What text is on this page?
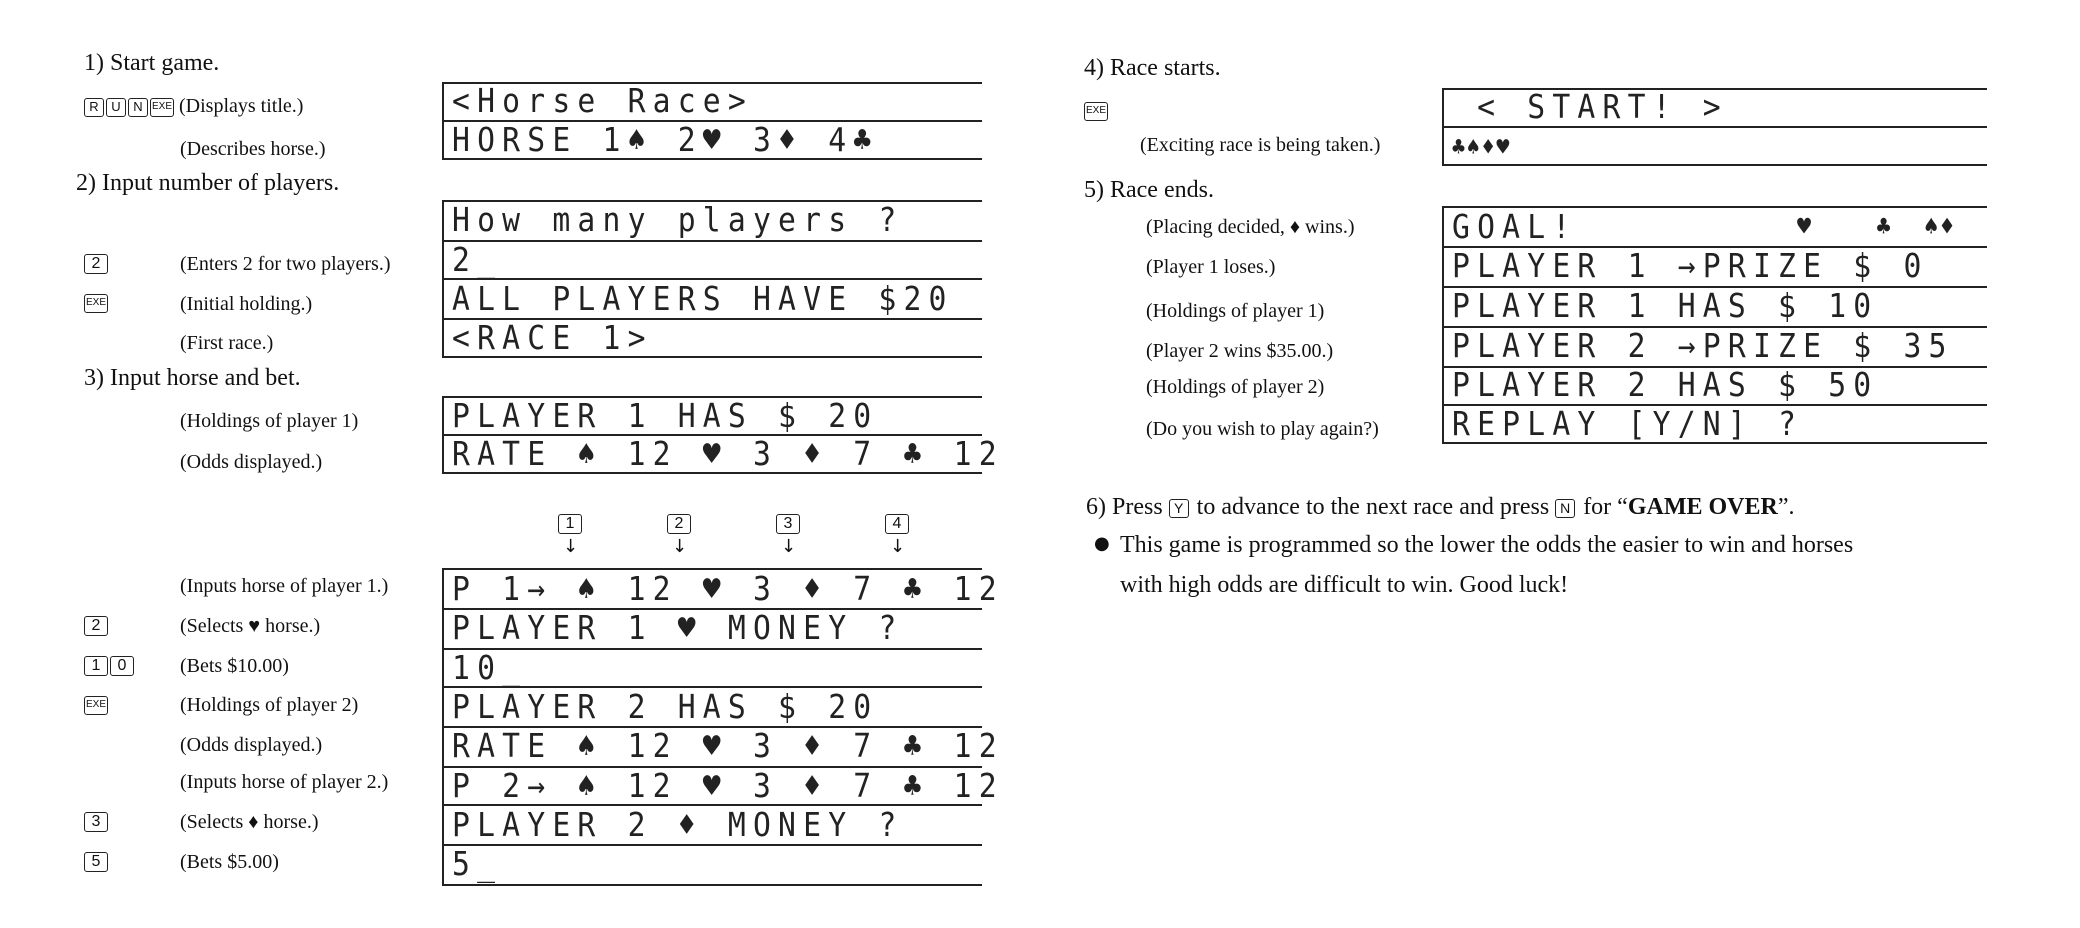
1) Start game.
R U N EXE (Displays title.)
(Describes horse.)
2) Input number of players.
2	(Enters 2 for two players.)
EXE	(Initial holding.)
(First race.)
3) Input horse and bet.
(Holdings of player 1)
(Odds displayed.)
1
↓
2
↓
3
↓
4
↓
(Inputs horse of player 1.)
2	(Selects ♥ horse.)
1	0	(Bets $10.00)
EXE	(Holdings of player 2)
(Odds displayed.)
(Inputs horse of player 2.)
3	(Selects ♦ horse.)
5	(Bets $5.00)
<Horse Race>
HORSE 1♠ 2♥ 3♦ 4♣
How many players ?
2_
ALL PLAYERS HAVE $20
<RACE 1>
PLAYER 1 HAS $ 20
RATE ♠ 12 ♥ 3 ♦ 7 ♣ 12
P 1→ ♠ 12 ♥ 3 ♦ 7 ♣ 12
PLAYER 1 ♥ MONEY ?
10_
PLAYER 2 HAS $ 20
RATE ♠ 12 ♥ 3 ♦ 7 ♣ 12
P 2→ ♠ 12 ♥ 3 ♦ 7 ♣ 12
PLAYER 2 ♦ MONEY ?
5_
4) Race starts.
EXE
(Exciting race is being taken.)
5) Race ends.
(Placing decided, ♦ wins.)
(Player 1 loses.)
(Holdings of player 1)
(Player 2 wins $35.00.)
(Holdings of player 2)
(Do you wish to play again?)
< START! >
♣♠♦♥
GOAL!	♥    ♣  ♠♦
PLAYER 1 →PRIZE $ 0
PLAYER 1 HAS $ 10
PLAYER 2 →PRIZE $ 35
PLAYER 2 HAS $ 50
REPLAY [Y/N] ?
6) Press Y to advance to the next race and press N for “GAME OVER”.
● This game is programmed so the lower the odds the easier to win and horses
with high odds are difficult to win. Good luck!
